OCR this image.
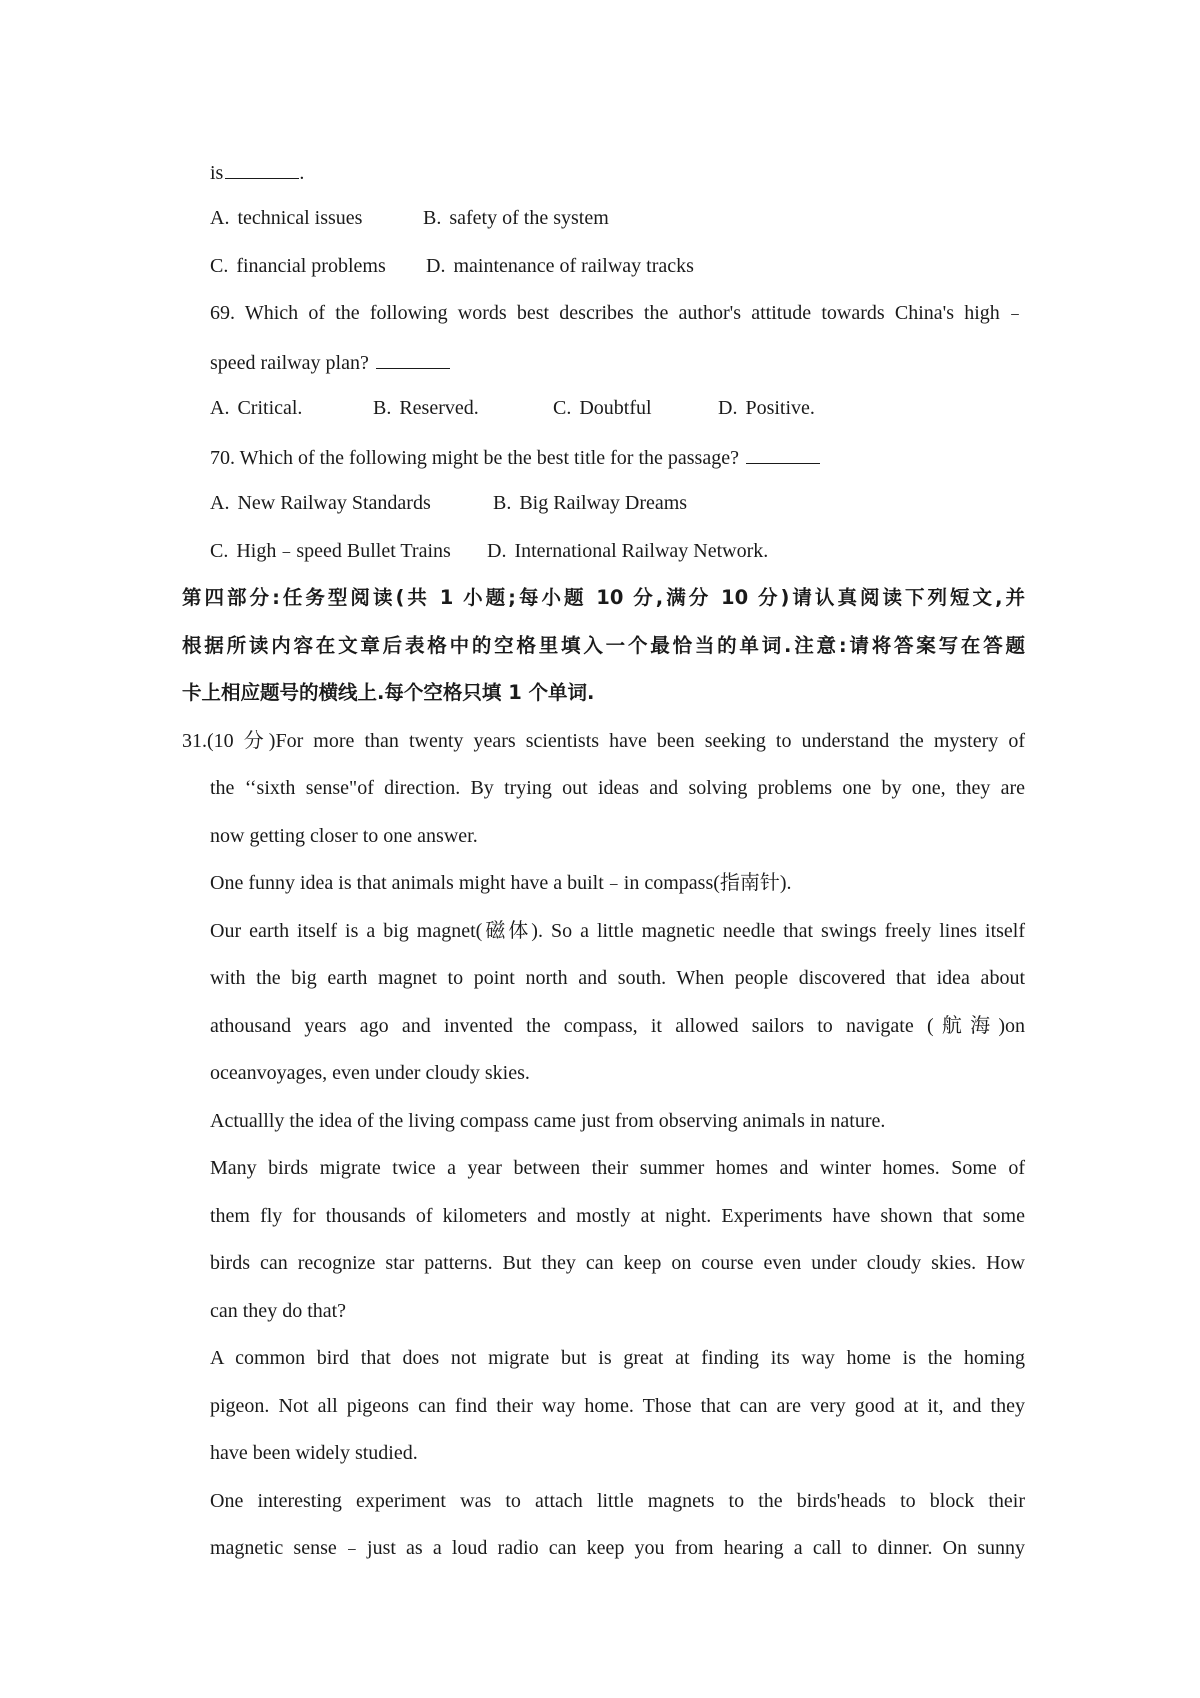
is	.
A. technical issues	B. safety of the system
C. financial problems D. maintenance of railway tracks
69. Which of the following words best describes the author's attitude towards China's high﹣
speed railway plan?
A. Critical.	B. Reserved.	C. Doubtful	D. Positive.
70. Which of the following might be the best title for the passage?
A. New Railway Standards	B. Big Railway Dreams
C. High﹣speed Bullet Trains D. International Railway Network.
第四部分:任务型阅读(共 1 小题;每小题 10 分,满分 10 分)请认真阅读下列短文,并
根据所读内容在文章后表格中的空格里填入一个最恰当的单词.注意:请将答案写在答题
卡上相应题号的横线上.每个空格只填 1 个单词.
31.(10 分)For more than twenty years scientists have been seeking to understand the mystery of
the ‘‘sixth sense"of direction. By trying out ideas and solving problems one by one, they are
now getting closer to one answer.
One funny idea is that animals might have a built﹣in compass(指南针).
Our earth itself is a big magnet(磁体). So a little magnetic needle that swings freely lines itself
with the big earth magnet to point north and south. When people discovered that idea about
athousand years ago and invented the compass, it allowed sailors to navigate (航海)on
oceanvoyages, even under cloudy skies.
Actuallly the idea of the living compass came just from observing animals in nature.
Many birds migrate twice a year between their summer homes and winter homes. Some of
them fly for thousands of kilometers and mostly at night. Experiments have shown that some
birds can recognize star patterns. But they can keep on course even under cloudy skies. How
can they do that?
A common bird that does not migrate but is great at finding its way home is the homing
pigeon. Not all pigeons can find their way home. Those that can are very good at it, and they
have been widely studied.
One interesting experiment was to attach little magnets to the birds'heads to block their
magnetic sense﹣just as a loud radio can keep you from hearing a call to dinner. On sunny
